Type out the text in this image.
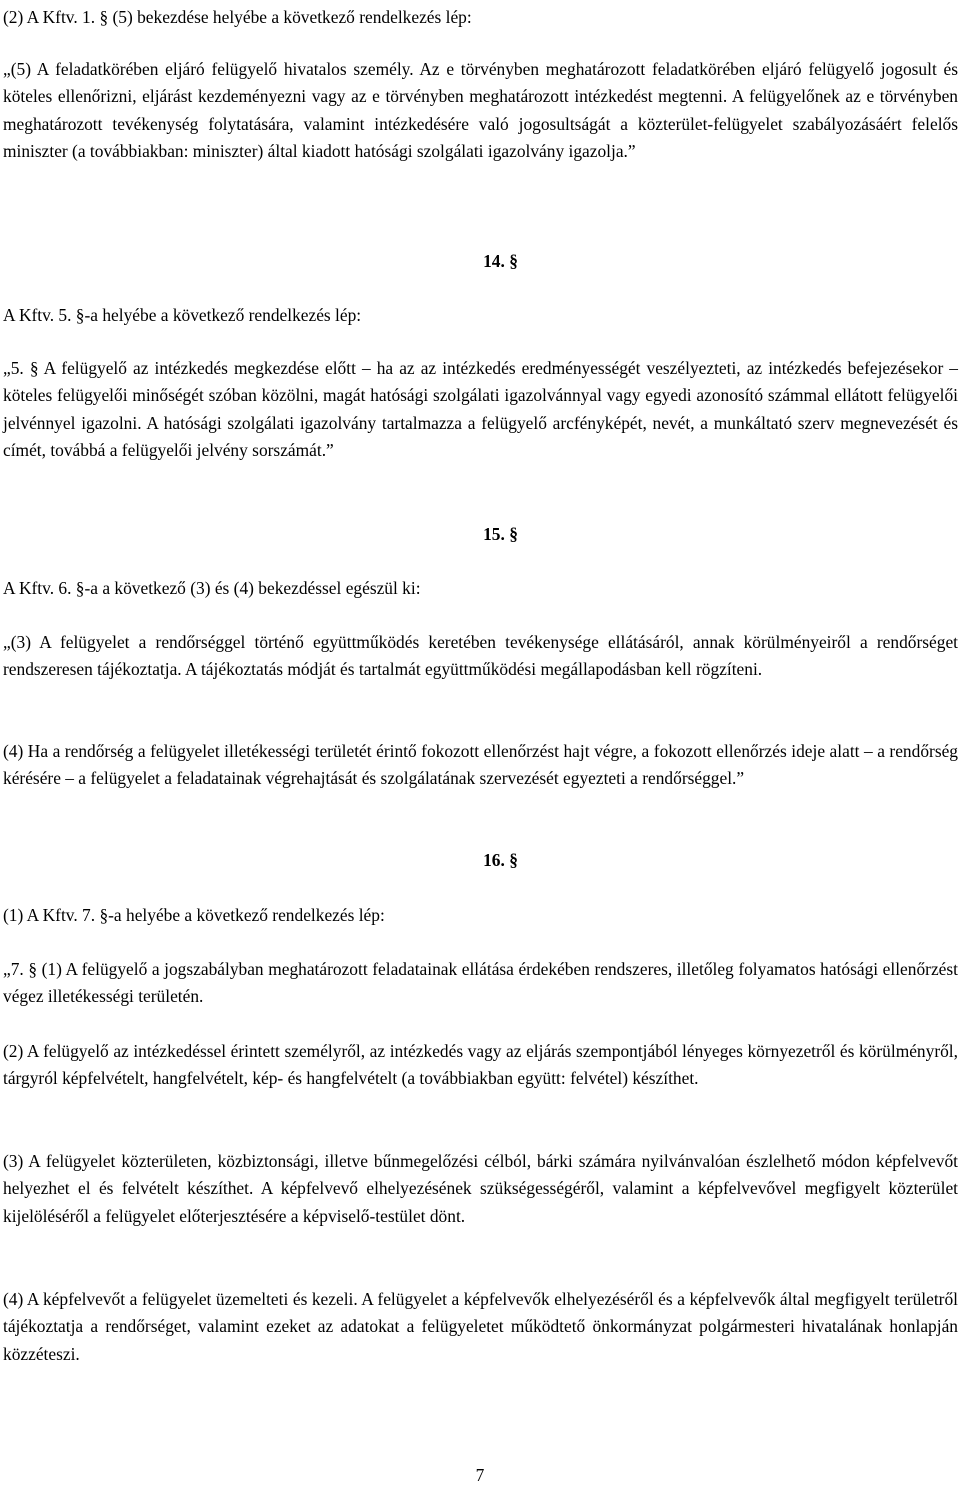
(2) A Kftv. 1. § (5) bekezdése helyébe a következő rendelkezés lép:

„(5) A feladatkörében eljáró felügyelő hivatalos személy. Az e törvényben meghatározott feladatkörében eljáró felügyelő jogosult és köteles ellenőrizni, eljárást kezdeményezni vagy az e törvényben meghatározott intézkedést megtenni. A felügyelőnek az e törvényben meghatározott tevékenység folytatására, valamint intézkedésére való jogosultságát a közterület-felügyelet szabályozásáért felelős miniszter (a továbbiakban: miniszter) által kiadott hatósági szolgálati igazolvány igazolja.”

14. §

A Kftv. 5. §-a helyébe a következő rendelkezés lép:

„5. § A felügyelő az intézkedés megkezdése előtt – ha az az intézkedés eredményességét veszélyezteti, az intézkedés befejezésekor – köteles felügyelői minőségét szóban közölni, magát hatósági szolgálati igazolvánnyal vagy egyedi azonosító számmal ellátott felügyelői jelvénnyel igazolni. A hatósági szolgálati igazolvány tartalmazza a felügyelő arcfényképét, nevét, a munkáltató szerv megnevezését és címét, továbbá a felügyelői jelvény sorszámát.”

15. §

A Kftv. 6. §-a a következő (3) és (4) bekezdéssel egészül ki:

„(3) A felügyelet a rendőrséggel történő együttműködés keretében tevékenysége ellátásáról, annak körülményeiről a rendőrséget rendszeresen tájékoztatja. A tájékoztatás módját és tartalmát együttműködési megállapodásban kell rögzíteni.

(4) Ha a rendőrség a felügyelet illetékességi területét érintő fokozott ellenőrzést hajt végre, a fokozott ellenőrzés ideje alatt – a rendőrség kérésére – a felügyelet a feladatainak végrehajtását és szolgálatának szervezését egyezteti a rendőrséggel.”

16. §

(1) A Kftv. 7. §-a helyébe a következő rendelkezés lép:

„7. § (1) A felügyelő a jogszabályban meghatározott feladatainak ellátása érdekében rendszeres, illetőleg folyamatos hatósági ellenőrzést végez illetékességi területén.

(2) A felügyelő az intézkedéssel érintett személyről, az intézkedés vagy az eljárás szempontjából lényeges környezetről és körülményről, tárgyról képfelvételt, hangfelvételt, kép- és hangfelvételt (a továbbiakban együtt: felvétel) készíthet.

(3) A felügyelet közterületen, közbiztonsági, illetve bűnmegelőzési célból, bárki számára nyilvánvalóan észlelhető módon képfelvevőt helyezhet el és felvételt készíthet. A képfelvevő elhelyezésének szükségességéről, valamint a képfelvevővel megfigyelt közterület kijelöléséről a felügyelet előterjesztésére a képviselő-testület dönt.

(4) A képfelvevőt a felügyelet üzemelteti és kezeli. A felügyelet a képfelvevők elhelyezéséről és a képfelvevők által megfigyelt területről tájékoztatja a rendőrséget, valamint ezeket az adatokat a felügyeletet működtető önkormányzat polgármesteri hivatalának honlapján közzéteszi.

7
